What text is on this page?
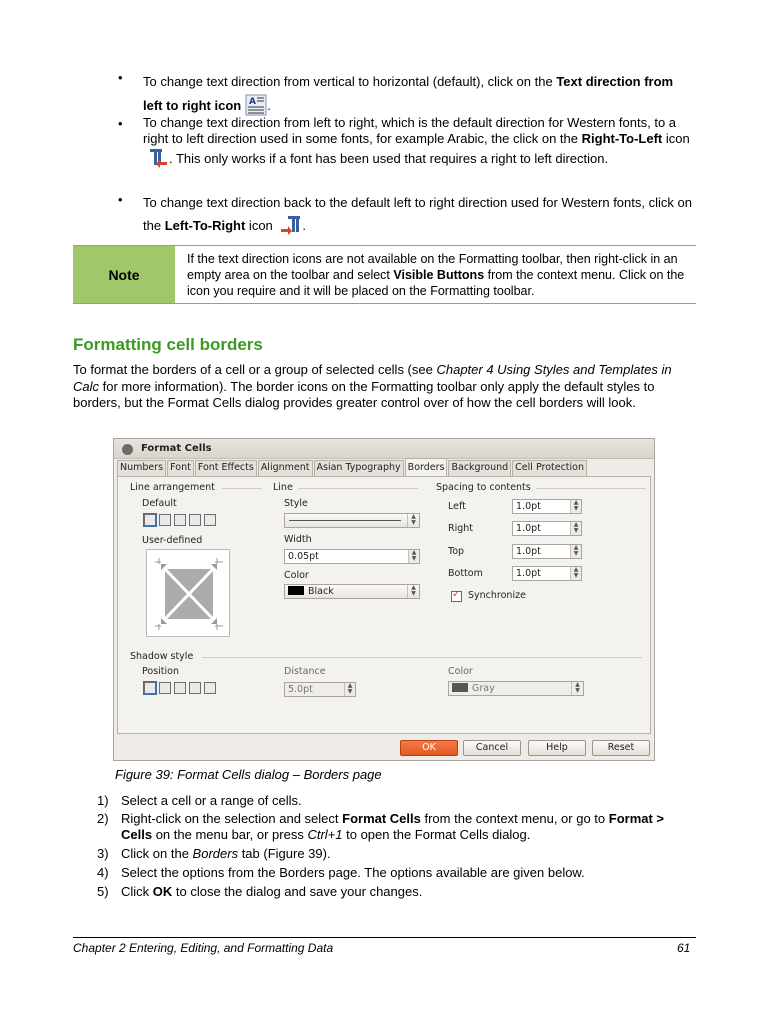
• To change text direction from vertical to horizontal (default), click on the Text direction from left to right icon A .
• To change text direction from left to right, which is the default direction for Western fonts, to a right to left direction used in some fonts, for example Arabic, the click on the Right-To-Left icon . This only works if a font has been used that requires a right to left direction.
• To change text direction back to the default left to right direction used for Western fonts, click on the Left-To-Right icon .
Note
If the text direction icons are not available on the Formatting toolbar, then right-click in an empty area on the toolbar and select Visible Buttons from the context menu. Click on the icon you require and it will be placed on the Formatting toolbar.
Formatting cell borders
To format the borders of a cell or a group of selected cells (see Chapter 4 Using Styles and Templates in Calc for more information). The border icons on the Formatting toolbar only apply the default styles to borders, but the Format Cells dialog provides greater control over of how the cell borders will look.
Format Cells
Numbers Font Font Effects Alignment Asian Typography Borders Background Cell Protection
Line arrangement
Default
User-defined
Line
Style
▲
▼
Width
0.05pt	▲
▼
Color
Black	▲
▼
Spacing to contents
Left	1.0pt	▲
▼
Right	1.0pt	▲
▼
Top	1.0pt	▲
▼
Bottom	1.0pt	▲
▼
✓
Synchronize
Shadow style
Position	Distance
5.0pt	▲
▼
Color
Gray	▲
▼
OK	Cancel	Help	Reset
Figure 39: Format Cells dialog – Borders page
1) Select a cell or a range of cells.
2) Right-click on the selection and select Format Cells from the context menu, or go to Format > Cells on the menu bar, or press Ctrl+1 to open the Format Cells dialog.
3) Click on the Borders tab (Figure 39).
4) Select the options from the Borders page. The options available are given below.
5) Click OK to close the dialog and save your changes.
Chapter 2 Entering, Editing, and Formatting Data	61
